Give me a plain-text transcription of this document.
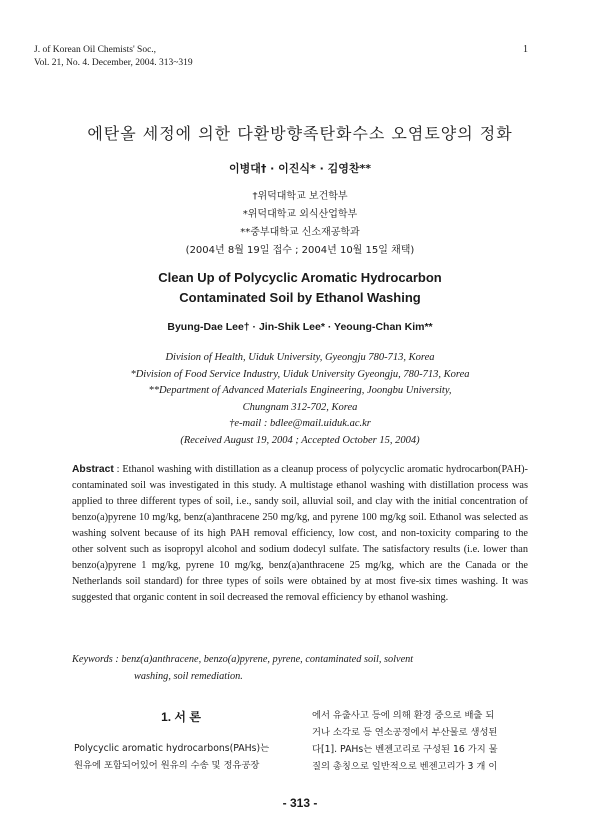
J. of Korean Oil Chemists' Soc.,
Vol. 21, No. 4. December, 2004. 313~319
1
에탄올 세정에 의한 다환방향족탄화수소 오염토양의 정화
이병대† · 이진식* · 김영찬**
†위덕대학교 보건학부
*위덕대학교 외식산업학부
**중부대학교 신소재공학과
(2004년 8월 19일 접수 ; 2004년 10월 15일 채택)
Clean Up of Polycyclic Aromatic Hydrocarbon
Contaminated Soil by Ethanol Washing
Byung-Dae Lee† · Jin-Shik Lee* · Yeoung-Chan Kim**
Division of Health, Uiduk University, Gyeongju 780-713, Korea
*Division of Food Service Industry, Uiduk University Gyeongju, 780-713, Korea
**Department of Advanced Materials Engineering, Joongbu University,
Chungnam 312-702, Korea
†e-mail : bdlee@mail.uiduk.ac.kr
(Received August 19, 2004 ; Accepted October 15, 2004)
Abstract : Ethanol washing with distillation as a cleanup process of polycyclic aromatic hydrocarbon(PAH)-contaminated soil was investigated in this study. A multistage ethanol washing with distillation process was applied to three different types of soil, i.e., sandy soil, alluvial soil, and clay with the initial concentration of benzo(a)pyrene 10 mg/kg, benz(a)anthracene 250 mg/kg, and pyrene 100 mg/kg soil. Ethanol was selected as washing solvent because of its high PAH removal efficiency, low cost, and non-toxicity comparing to the other solvent such as isopropyl alcohol and sodium dodecyl sulfate. The satisfactory results (i.e. lower than benzo(a)pyrene 1 mg/kg, pyrene 10 mg/kg, benz(a)anthracene 25 mg/kg, which are the Canada or the Netherlands soil standard) for three types of soils were obtained by at most five-six times washing. It was suggested that organic content in soil decreased the removal efficiency by ethanol washing.
Keywords : benz(a)anthracene, benzo(a)pyrene, pyrene, contaminated soil, solvent
washing, soil remediation.
1. 서 론
Polycyclic aromatic hydrocarbons(PAHs)는
원유에 포함되어있어 원유의 수송 및 정유공장
에서 유출사고 등에 의해 환경 중으로 배출 되
거나 소각로 등 연소공정에서 부산물로 생성된
다[1]. PAHs는 벤젠고리로 구성된 16 가지 물
질의 총칭으로 일반적으로 벤젠고리가 3 개 이
- 313 -
